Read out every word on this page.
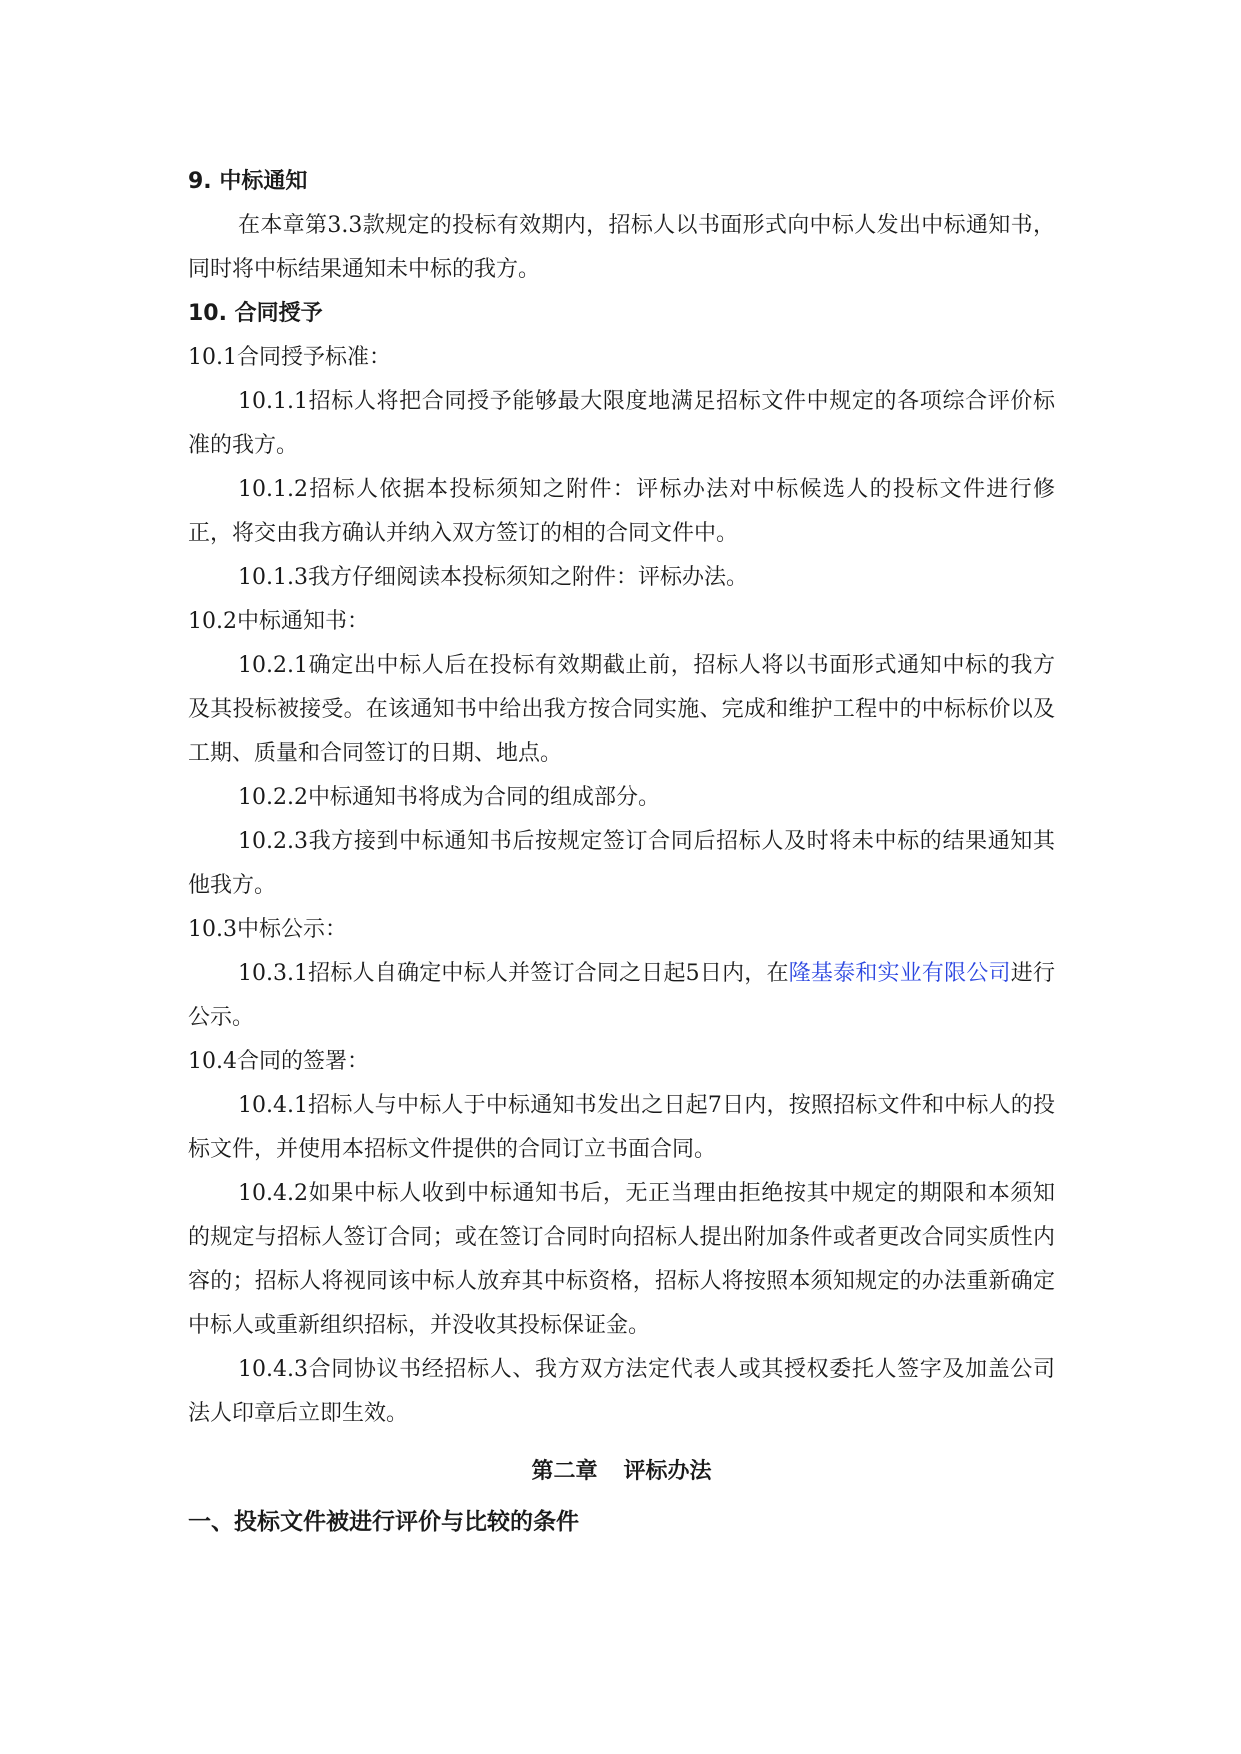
9. 中标通知

在本章第3.3款规定的投标有效期内，招标人以书面形式向中标人发出中标通知书，同时将中标结果通知未中标的我方。

10. 合同授予

10.1合同授予标准：

10.1.1招标人将把合同授予能够最大限度地满足招标文件中规定的各项综合评价标准的我方。

10.1.2招标人依据本投标须知之附件：评标办法对中标候选人的投标文件进行修正，将交由我方确认并纳入双方签订的相的合同文件中。

10.1.3我方仔细阅读本投标须知之附件：评标办法。

10.2中标通知书：

10.2.1确定出中标人后在投标有效期截止前，招标人将以书面形式通知中标的我方及其投标被接受。在该通知书中给出我方按合同实施、完成和维护工程中的中标标价以及工期、质量和合同签订的日期、地点。

10.2.2中标通知书将成为合同的组成部分。

10.2.3我方接到中标通知书后按规定签订合同后招标人及时将未中标的结果通知其他我方。

10.3中标公示：

10.3.1招标人自确定中标人并签订合同之日起5日内，在隆基泰和实业有限公司进行公示。

10.4合同的签署：

10.4.1招标人与中标人于中标通知书发出之日起7日内，按照招标文件和中标人的投标文件，并使用本招标文件提供的合同订立书面合同。

10.4.2如果中标人收到中标通知书后，无正当理由拒绝按其中规定的期限和本须知的规定与招标人签订合同；或在签订合同时向招标人提出附加条件或者更改合同实质性内容的；招标人将视同该中标人放弃其中标资格，招标人将按照本须知规定的办法重新确定中标人或重新组织招标，并没收其投标保证金。

10.4.3合同协议书经招标人、我方双方法定代表人或其授权委托人签字及加盖公司法人印章后立即生效。

第二章 评标办法

一、投标文件被进行评价与比较的条件
